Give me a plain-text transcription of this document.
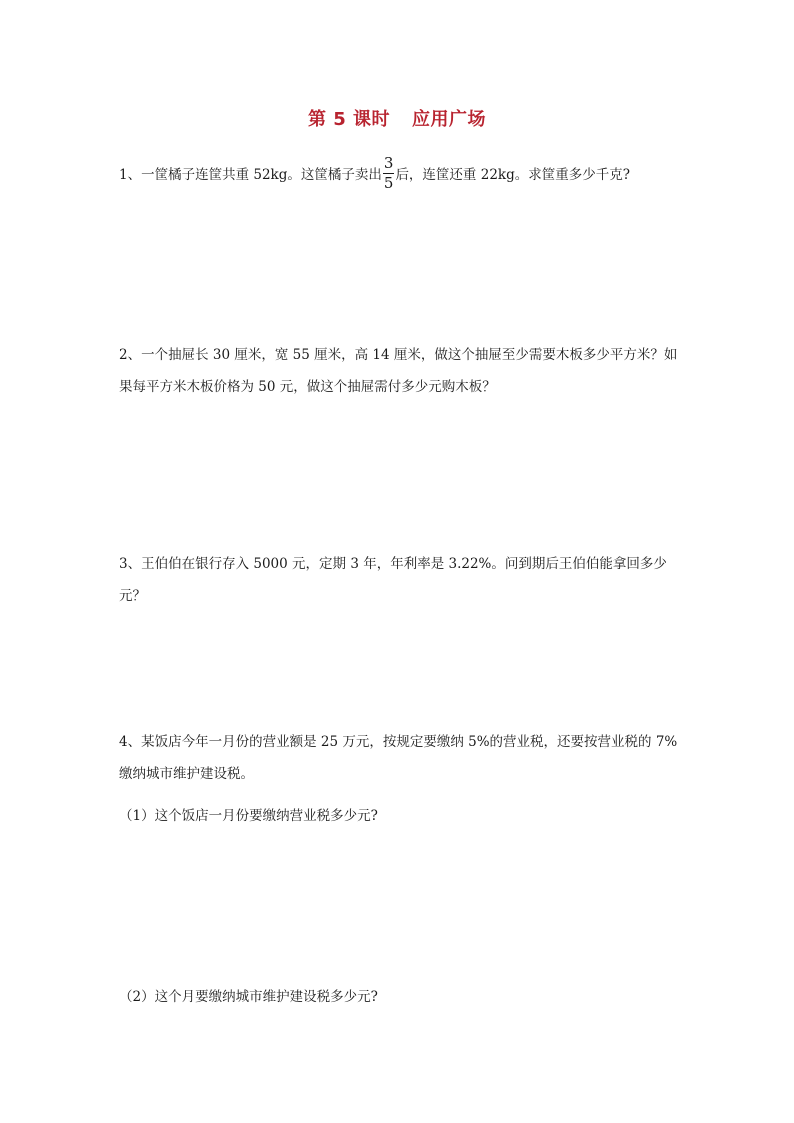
第 5 课时 应用广场
1、一筐橘子连筐共重 52kg。这筐橘子卖出 $\frac{3}{5}$ 后，连筐还重 22kg。求筐重多少千克?
2、一个抽屉长 30 厘米，宽 55 厘米，高 14 厘米，做这个抽屉至少需要木板多少平方米？如
果每平方米木板价格为 50 元，做这个抽屉需付多少元购木板？
3、王伯伯在银行存入 5000 元，定期 3 年，年利率是 3.22%。问到期后王伯伯能拿回多少元？
4、某饭店今年一月份的营业额是 25 万元，按规定要缴纳 5%的营业税，还要按营业税的 7%
缴纳城市维护建设税。
（1）这个饭店一月份要缴纳营业税多少元?
（2）这个月要缴纳城市维护建设税多少元?
